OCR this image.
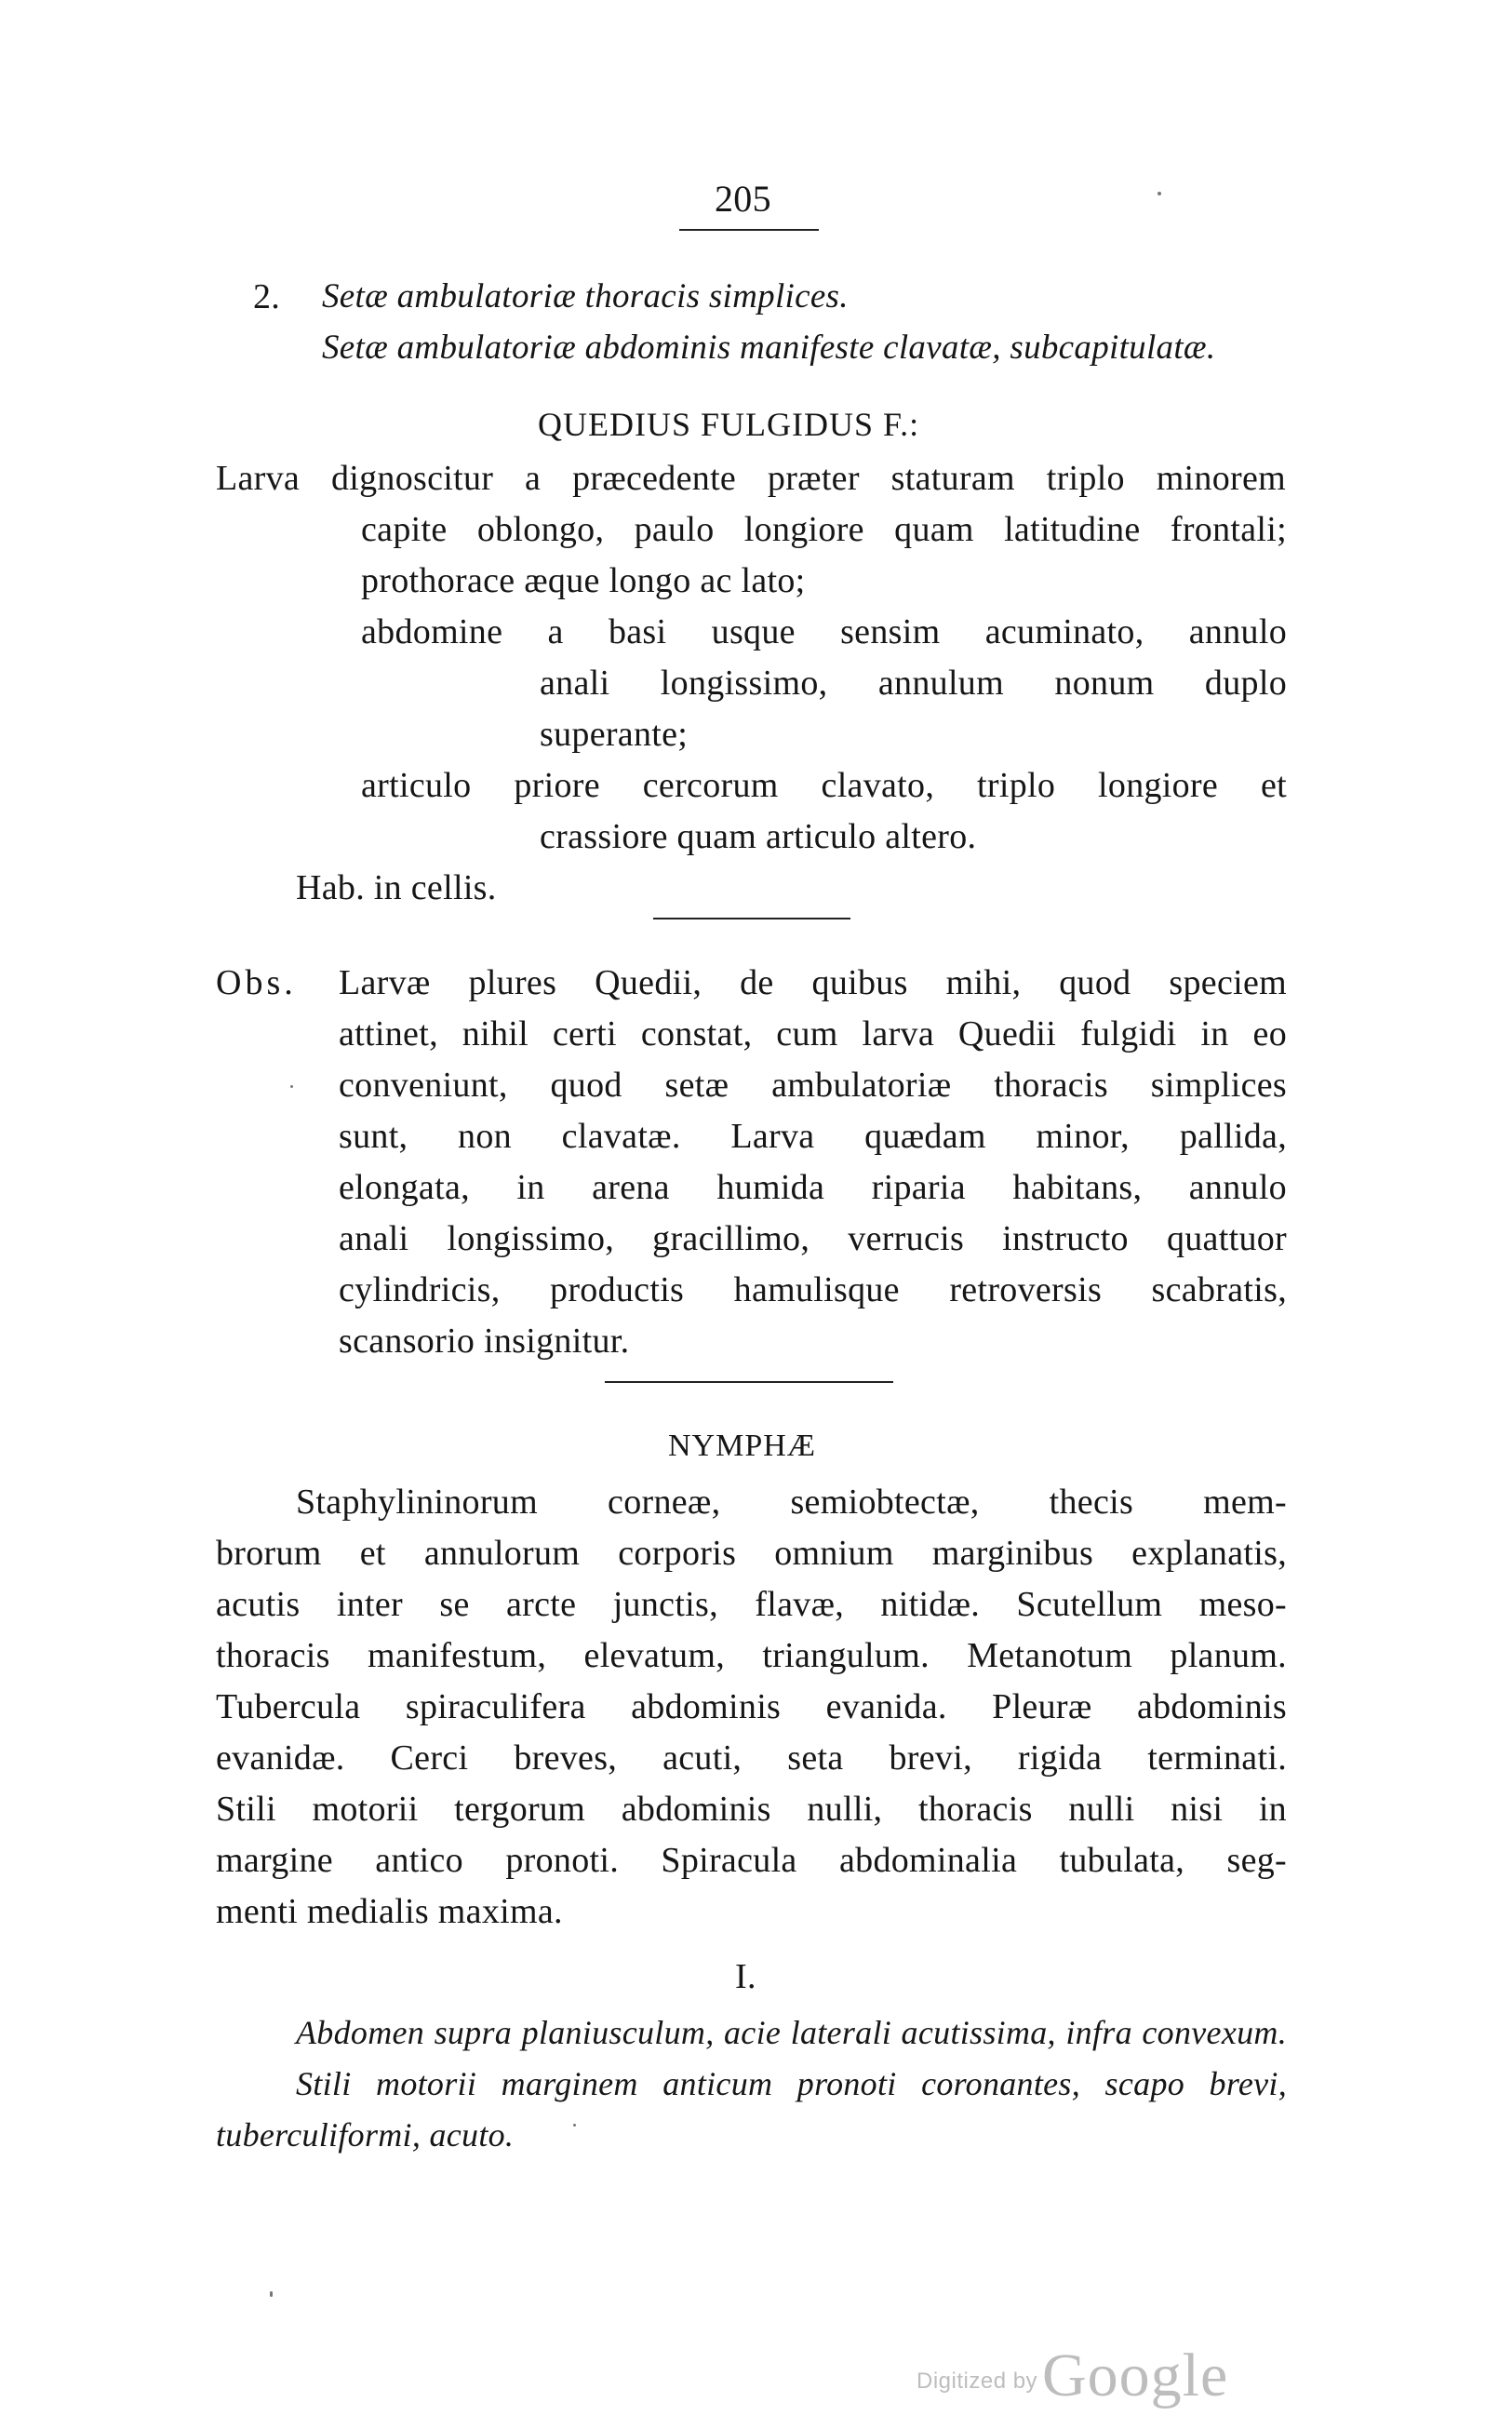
205
2. Setæ ambulatoriæ thoracis simplices.
Setæ ambulatoriæ abdominis manifeste clavatæ, subcapitulatæ.
QUEDIUS FULGIDUS F.:
Larva dignoscitur a præcedente præter staturam triplo minorem
capite oblongo, paulo longiore quam latitudine frontali;
prothorace æque longo ac lato;
abdomine a basi usque sensim acuminato, annulo
anali longissimo, annulum nonum duplo
superante;
articulo priore cercorum clavato, triplo longiore et
crassiore quam articulo altero.
Hab. in cellis.
Obs. Larvæ plures Quedii, de quibus mihi, quod speciem
attinet, nihil certi constat, cum larva Quedii fulgidi in eo
conveniunt, quod setæ ambulatoriæ thoracis simplices
sunt, non clavatæ. Larva quædam minor, pallida,
elongata, in arena humida riparia habitans, annulo
anali longissimo, gracillimo, verrucis instructo quattuor
cylindricis, productis hamulisque retroversis scabratis,
scansorio insignitur.
NYMPHÆ
Staphylininorum corneæ, semiobtectæ, thecis mem-
brorum et annulorum corporis omnium marginibus explanatis,
acutis inter se arcte junctis, flavæ, nitidæ. Scutellum meso-
thoracis manifestum, elevatum, triangulum. Metanotum planum.
Tubercula spiraculifera abdominis evanida. Pleuræ abdominis
evanidæ. Cerci breves, acuti, seta brevi, rigida terminati.
Stili motorii tergorum abdominis nulli, thoracis nulli nisi in
margine antico pronoti. Spiracula abdominalia tubulata, seg-
menti medialis maxima.
I.
Abdomen supra planiusculum, acie laterali acutissima, infra convexum.
Stili motorii marginem anticum pronoti coronantes, scapo brevi,
tuberculiformi, acuto.
Digitized by Google
